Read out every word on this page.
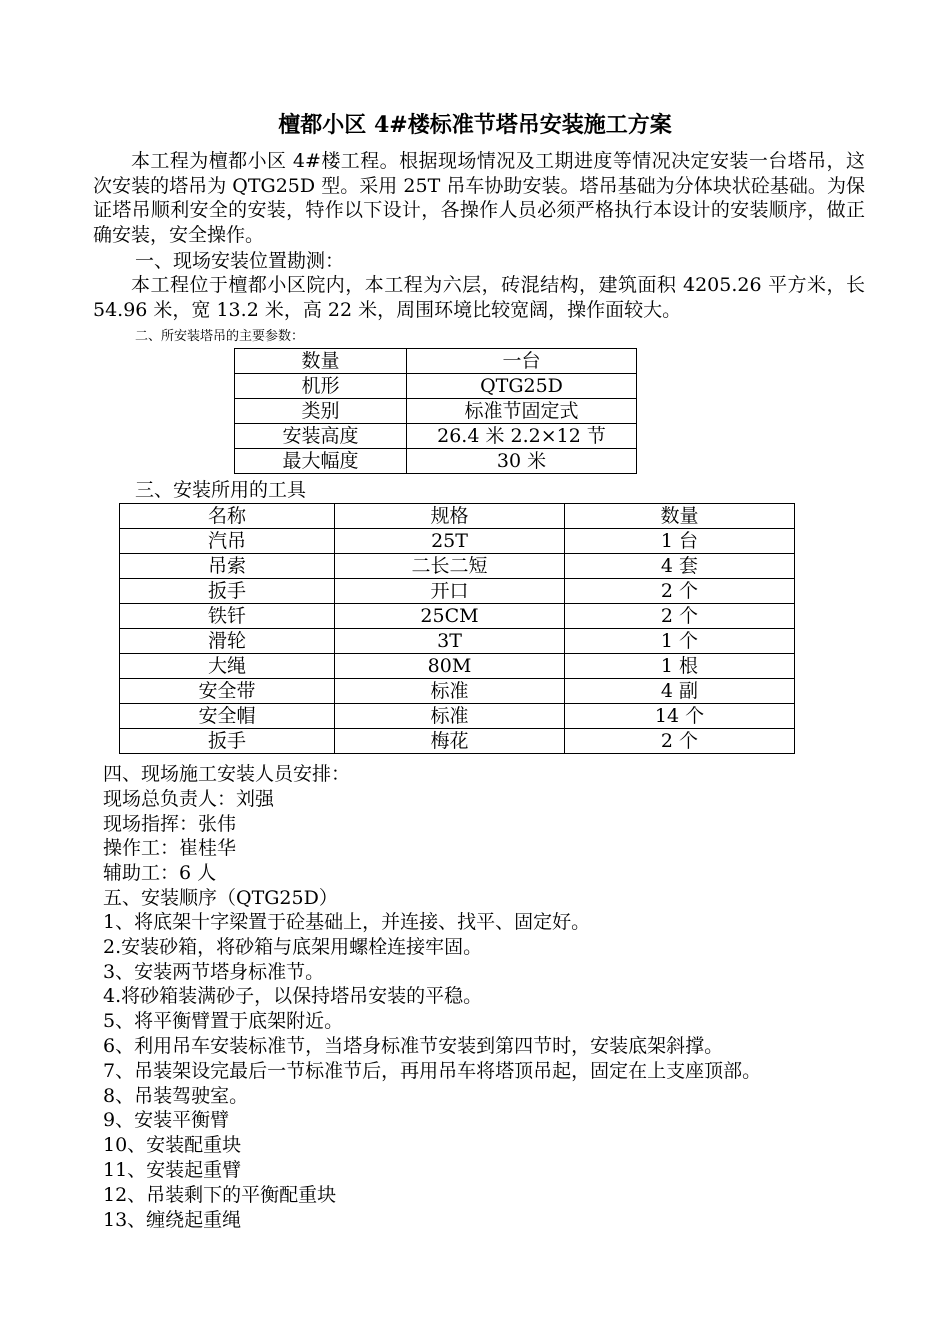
檀都小区 4#楼标准节塔吊安装施工方案

本工程为檀都小区 4#楼工程。根据现场情况及工期进度等情况决定安装一台塔吊，这次安装的塔吊为 QTG25D 型。采用 25T 吊车协助安装。塔吊基础为分体块状砼基础。为保证塔吊顺利安全的安装，特作以下设计，各操作人员必须严格执行本设计的安装顺序，做正确安装，安全操作。

一、现场安装位置勘测：

本工程位于檀都小区院内，本工程为六层，砖混结构，建筑面积 4205.26 平方米，长 54.96 米，宽 13.2 米，高 22 米，周围环境比较宽阔，操作面较大。

二、所安装塔吊的主要参数：
数量	一台
机形	QTG25D
类别	标准节固定式
安装高度	26.4 米 2.2×12 节
最大幅度	30 米
三、安装所用的工具
名称	规格	数量
汽吊	25T	1 台
吊索	二长二短	4 套
扳手	开口	2 个
铁钎	25CM	2 个
滑轮	3T	1 个
大绳	80M	1 根
安全带	标准	4 副
安全帽	标准	14 个
扳手	梅花	2 个
四、现场施工安装人员安排：
现场总负责人：刘强
现场指挥：张伟
操作工：崔桂华
辅助工：6 人
五、安装顺序（QTG25D）
1、将底架十字梁置于砼基础上，并连接、找平、固定好。
2.安装砂箱，将砂箱与底架用螺栓连接牢固。
3、安装两节塔身标准节。
4.将砂箱装满砂子，以保持塔吊安装的平稳。
5、将平衡臂置于底架附近。
6、利用吊车安装标准节，当塔身标准节安装到第四节时，安装底架斜撑。
7、吊装架设完最后一节标准节后，再用吊车将塔顶吊起，固定在上支座顶部。
8、吊装驾驶室。
9、安装平衡臂
10、安装配重块
11、安装起重臂
12、吊装剩下的平衡配重块
13、缠绕起重绳
